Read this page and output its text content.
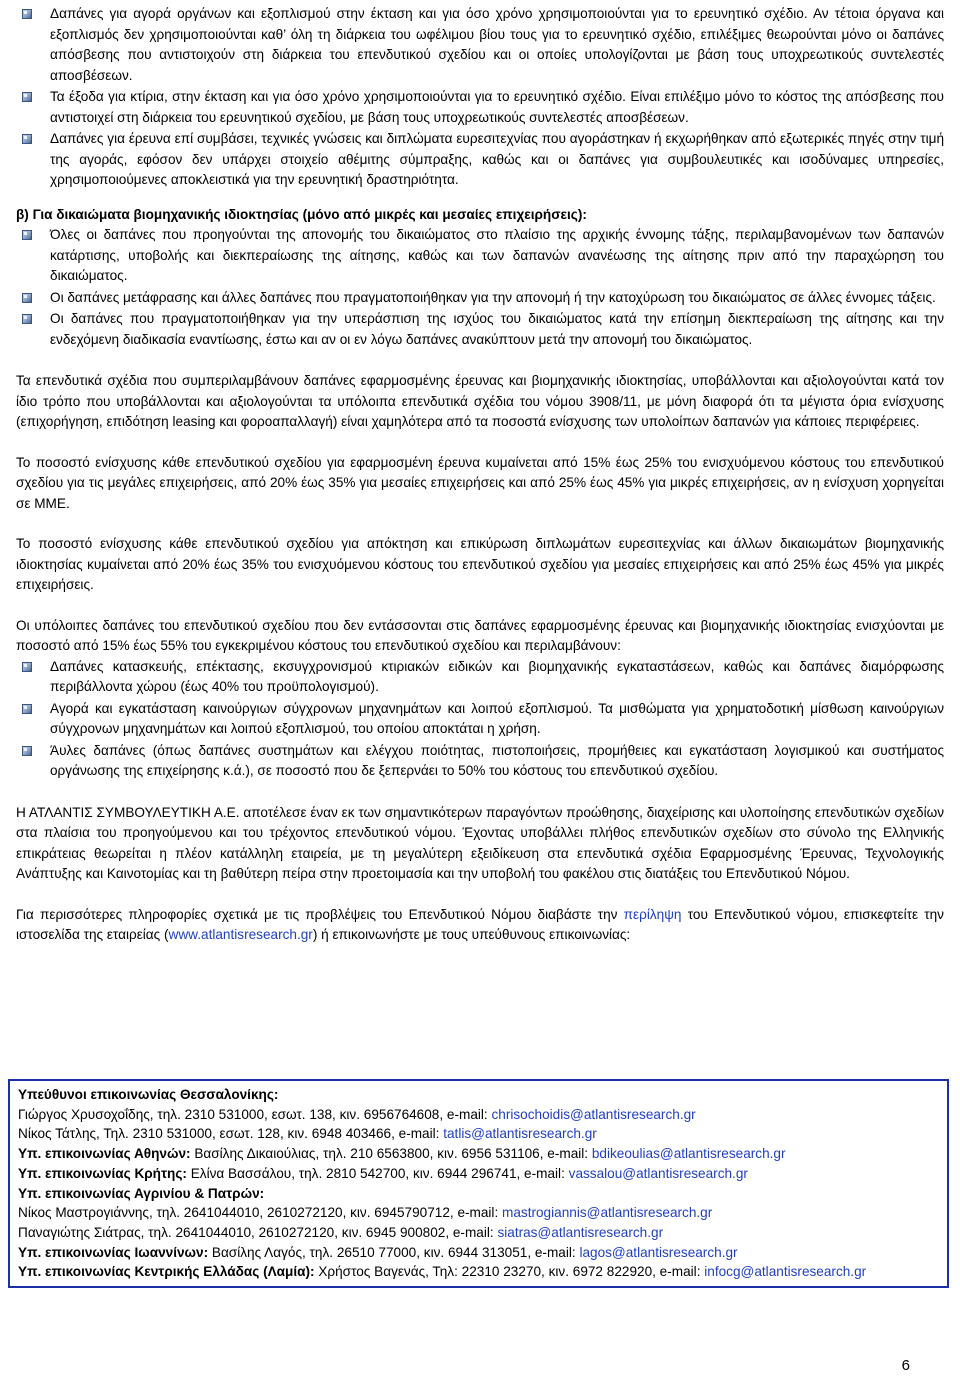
Δαπάνες για αγορά οργάνων και εξοπλισμού στην έκταση και για όσο χρόνο χρησιμοποιούνται για το ερευνητικό σχέδιο. Αν τέτοια όργανα και εξοπλισμός δεν χρησιμοποιούνται καθ’ όλη τη διάρκεια του ωφέλιμου βίου τους για το ερευνητικό σχέδιο, επιλέξιμες θεωρούνται μόνο οι δαπάνες απόσβεσης που αντιστοιχούν στη διάρκεια του επενδυτικού σχεδίου και οι οποίες υπολογίζονται με βάση τους υποχρεωτικούς συντελεστές αποσβέσεων.
Τα έξοδα για κτίρια, στην έκταση και για όσο χρόνο χρησιμοποιούνται για το ερευνητικό σχέδιο. Είναι επιλέξιμο μόνο το κόστος της απόσβεσης που αντιστοιχεί στη διάρκεια του ερευνητικού σχεδίου, με βάση τους υποχρεωτικούς συντελεστές αποσβέσεων.
Δαπάνες για έρευνα επί συμβάσει, τεχνικές γνώσεις και διπλώματα ευρεσιτεχνίας που αγοράστηκαν ή εκχωρήθηκαν από εξωτερικές πηγές στην τιμή της αγοράς, εφόσον δεν υπάρχει στοιχείο αθέμιτης σύμπραξης, καθώς και οι δαπάνες για συμβουλευτικές και ισοδύναμες υπηρεσίες, χρησιμοποιούμενες αποκλειστικά για την ερευνητική δραστηριότητα.
β) Για δικαιώματα βιομηχανικής ιδιοκτησίας (μόνο από μικρές και μεσαίες επιχειρήσεις):
Όλες οι δαπάνες που προηγούνται της απονομής του δικαιώματος στο πλαίσιο της αρχικής έννομης τάξης, περιλαμβανομένων των δαπανών κατάρτισης, υποβολής και διεκπεραίωσης της αίτησης, καθώς και των δαπανών ανανέωσης της αίτησης πριν από την παραχώρηση του δικαιώματος.
Οι δαπάνες μετάφρασης και άλλες δαπάνες που πραγματοποιήθηκαν για την απονομή ή την κατοχύρωση του δικαιώματος σε άλλες έννομες τάξεις.
Οι δαπάνες που πραγματοποιήθηκαν για την υπεράσπιση της ισχύος του δικαιώματος κατά την επίσημη διεκπεραίωση της αίτησης και την ενδεχόμενη διαδικασία εναντίωσης, έστω και αν οι εν λόγω δαπάνες ανακύπτουν μετά την απονομή του δικαιώματος.

Τα επενδυτικά σχέδια που συμπεριλαμβάνουν δαπάνες εφαρμοσμένης έρευνας και βιομηχανικής ιδιοκτησίας, υποβάλλονται και αξιολογούνται κατά τον ίδιο τρόπο που υποβάλλονται και αξιολογούνται τα υπόλοιπα επενδυτικά σχέδια του νόμου 3908/11, με μόνη διαφορά ότι τα μέγιστα όρια ενίσχυσης (επιχορήγηση, επιδότηση leasing και φοροαπαλλαγή) είναι χαμηλότερα από τα ποσοστά ενίσχυσης των υπολοίπων δαπανών για κάποιες περιφέρειες.

Το ποσοστό ενίσχυσης κάθε επενδυτικού σχεδίου για εφαρμοσμένη έρευνα κυμαίνεται από 15% έως 25% του ενισχυόμενου κόστους του επενδυτικού σχεδίου για τις μεγάλες επιχειρήσεις, από 20% έως 35% για μεσαίες επιχειρήσεις και από 25% έως 45% για μικρές επιχειρήσεις, αν η ενίσχυση χορηγείται σε ΜΜΕ.

Το ποσοστό ενίσχυσης κάθε επενδυτικού σχεδίου για απόκτηση και επικύρωση διπλωμάτων ευρεσιτεχνίας και άλλων δικαιωμάτων βιομηχανικής ιδιοκτησίας κυμαίνεται από 20% έως 35% του ενισχυόμενου κόστους του επενδυτικού σχεδίου για μεσαίες επιχειρήσεις και από 25% έως 45% για μικρές επιχειρήσεις.

Οι υπόλοιπες δαπάνες του επενδυτικού σχεδίου που δεν εντάσσονται στις δαπάνες εφαρμοσμένης έρευνας και βιομηχανικής ιδιοκτησίας ενισχύονται με ποσοστό από 15% έως 55% του εγκεκριμένου κόστους του επενδυτικού σχεδίου και περιλαμβάνουν:

Δαπάνες κατασκευής, επέκτασης, εκσυγχρονισμού κτιριακών ειδικών και βιομηχανικής εγκαταστάσεων, καθώς και δαπάνες διαμόρφωσης περιβάλλοντα χώρου (έως 40% του προϋπολογισμού).
Αγορά και εγκατάσταση καινούργιων σύγχρονων μηχανημάτων και λοιπού εξοπλισμού. Τα μισθώματα για χρηματοδοτική μίσθωση καινούργιων σύγχρονων μηχανημάτων και λοιπού εξοπλισμού, του οποίου αποκτάται η χρήση.
Άυλες δαπάνες (όπως δαπάνες συστημάτων και ελέγχου ποιότητας, πιστοποιήσεις, προμήθειες και εγκατάσταση λογισμικού και συστήματος οργάνωσης της επιχείρησης κ.ά.), σε ποσοστό που δε ξεπερνάει το 50% του κόστους του επενδυτικού σχεδίου.

Η ΑΤΛΑΝΤΙΣ ΣΥΜΒΟΥΛΕΥΤΙΚΗ Α.Ε. αποτέλεσε έναν εκ των σημαντικότερων παραγόντων προώθησης, διαχείρισης και υλοποίησης επενδυτικών σχεδίων στα πλαίσια του προηγούμενου και του τρέχοντος επενδυτικού νόμου. Έχοντας υποβάλλει πλήθος επενδυτικών σχεδίων στο σύνολο της Ελληνικής επικράτειας θεωρείται η πλέον κατάλληλη εταιρεία, με τη μεγαλύτερη εξειδίκευση στα επενδυτικά σχέδια Εφαρμοσμένης Έρευνας, Τεχνολογικής Ανάπτυξης και Καινοτομίας και τη βαθύτερη πείρα στην προετοιμασία και την υποβολή του φακέλου στις διατάξεις του Επενδυτικού Νόμου.

Για περισσότερες πληροφορίες σχετικά με τις προβλέψεις του Επενδυτικού Νόμου διαβάστε την περίληψη του Επενδυτικού νόμου, επισκεφτείτε την ιστοσελίδα της εταιρείας (www.atlantisresearch.gr) ή επικοινωνήστε με τους υπεύθυνους επικοινωνίας:

Υπεύθυνοι επικοινωνίας Θεσσαλονίκης:
Γιώργος Χρυσοχοΐδης, τηλ. 2310 531000, εσωτ. 138, κιν. 6956764608, e-mail: chrisochoidis@atlantisresearch.gr
Νίκος Τάτλης, Τηλ. 2310 531000, εσωτ. 128, κιν. 6948 403466, e-mail: tatlis@atlantisresearch.gr
Υπ. επικοινωνίας Αθηνών: Βασίλης Δικαιούλιας, τηλ. 210 6563800, κιν. 6956 531106, e-mail: bdikeoulias@atlantisresearch.gr
Υπ. επικοινωνίας Κρήτης: Ελίνα Βασσάλου, τηλ. 2810 542700, κιν. 6944 296741, e-mail: vassalou@atlantisresearch.gr
Υπ. επικοινωνίας Αγρινίου & Πατρών:
Νίκος Μαστρογιάννης, τηλ. 2641044010, 2610272120, κιν. 6945790712, e-mail: mastrogiannis@atlantisresearch.gr
Παναγιώτης Σιάτρας, τηλ. 2641044010, 2610272120, κιν. 6945 900802, e-mail: siatras@atlantisresearch.gr
Υπ. επικοινωνίας Ιωαννίνων: Βασίλης Λαγός, τηλ. 26510 77000, κιν. 6944 313051, e-mail: lagos@atlantisresearch.gr
Υπ. επικοινωνίας Κεντρικής Ελλάδας (Λαμία): Χρήστος Βαγενάς, Τηλ: 22310 23270, κιν. 6972 822920, e-mail: infocg@atlantisresearch.gr
6
